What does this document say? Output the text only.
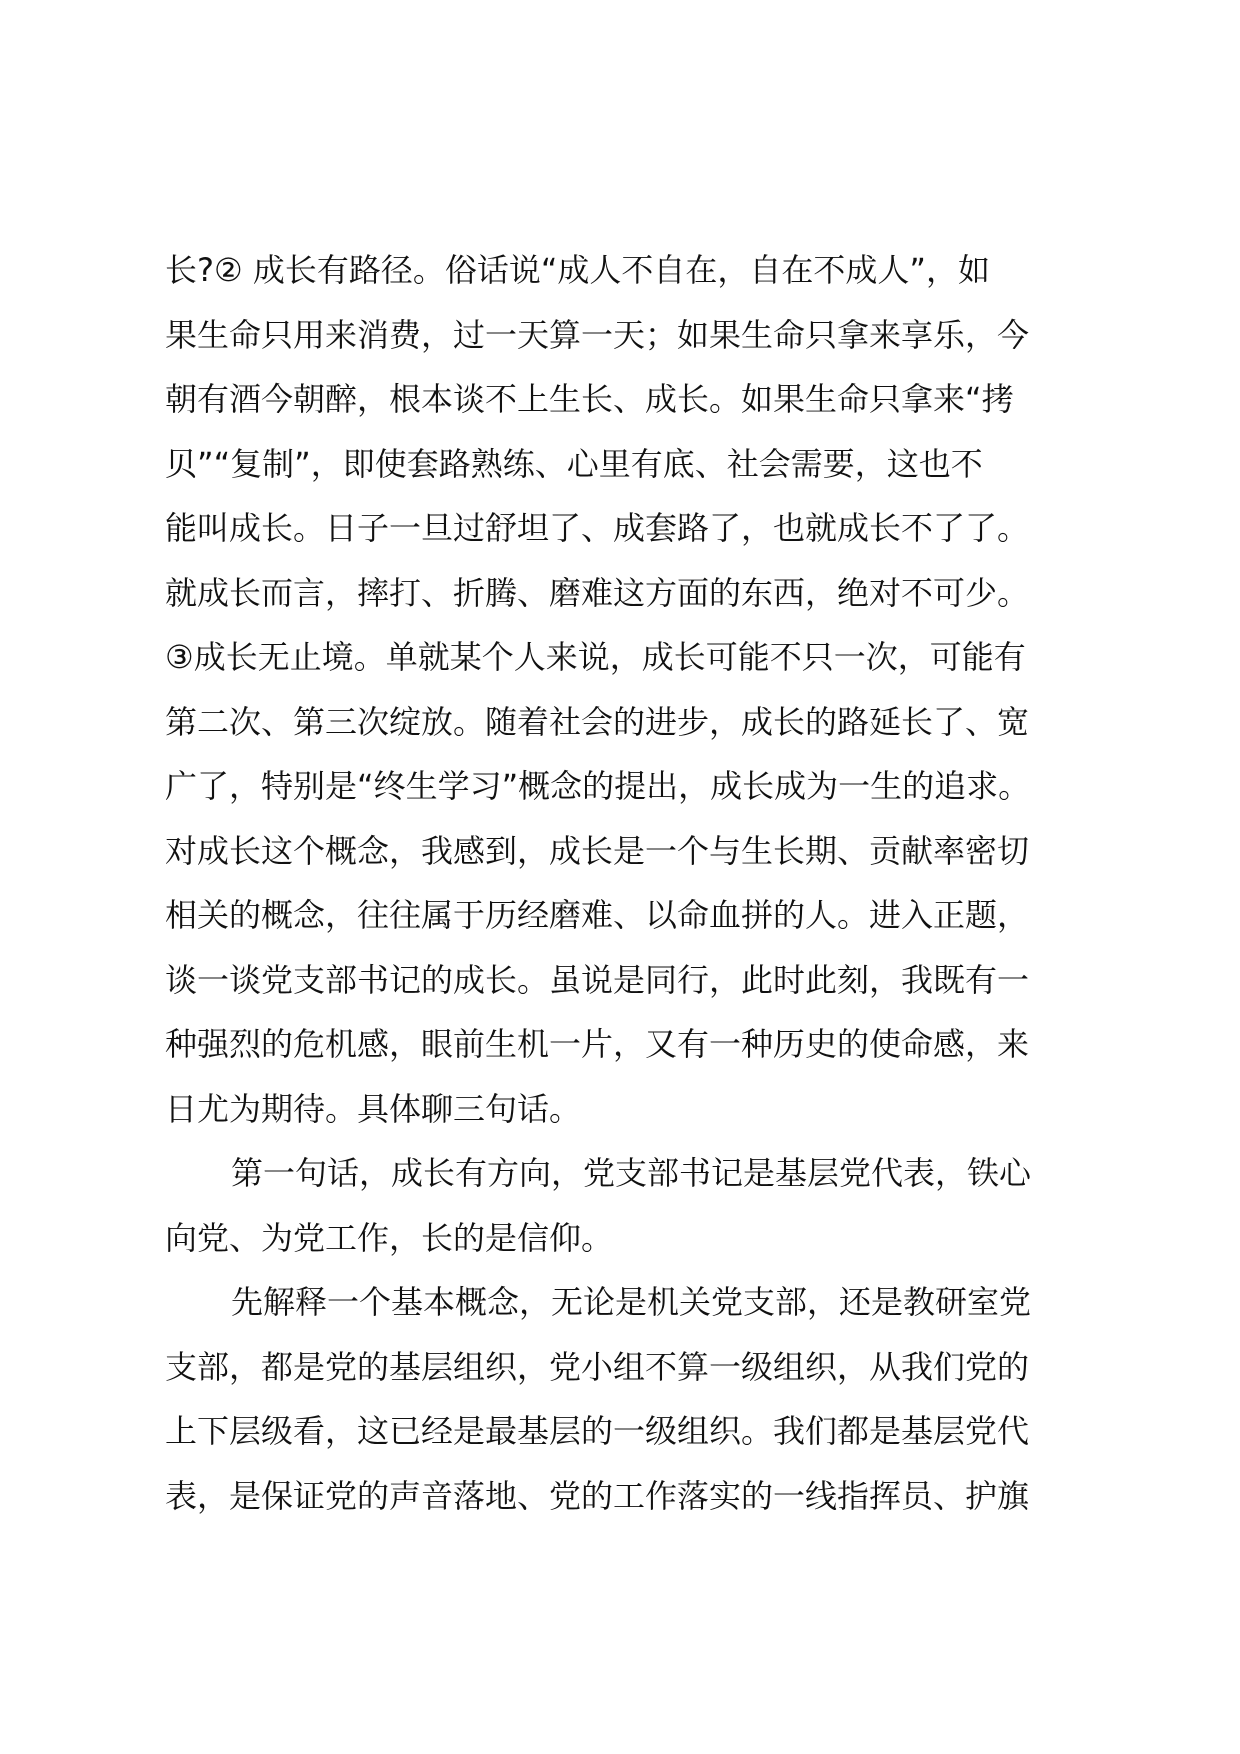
长?② 成长有路径。俗话说“成人不自在，自在不成人”，如
果生命只用来消费，过一天算一天；如果生命只拿来享乐，今
朝有酒今朝醉，根本谈不上生长、成长。如果生命只拿来“拷
贝”“复制”，即使套路熟练、心里有底、社会需要，这也不
能叫成长。日子一旦过舒坦了、成套路了，也就成长不了了。
就成长而言，摔打、折腾、磨难这方面的东西，绝对不可少。
③成长无止境。单就某个人来说，成长可能不只一次，可能有
第二次、第三次绽放。随着社会的进步，成长的路延长了、宽
广了，特别是“终生学习”概念的提出，成长成为一生的追求。
对成长这个概念，我感到，成长是一个与生长期、贡献率密切
相关的概念，往往属于历经磨难、以命血拼的人。进入正题，
谈一谈党支部书记的成长。虽说是同行，此时此刻，我既有一
种强烈的危机感，眼前生机一片，又有一种历史的使命感，来
日尤为期待。具体聊三句话。
第一句话，成长有方向，党支部书记是基层党代表，铁心
向党、为党工作，长的是信仰。
先解释一个基本概念，无论是机关党支部，还是教研室党
支部，都是党的基层组织，党小组不算一级组织，从我们党的
上下层级看，这已经是最基层的一级组织。我们都是基层党代
表，是保证党的声音落地、党的工作落实的一线指挥员、护旗
